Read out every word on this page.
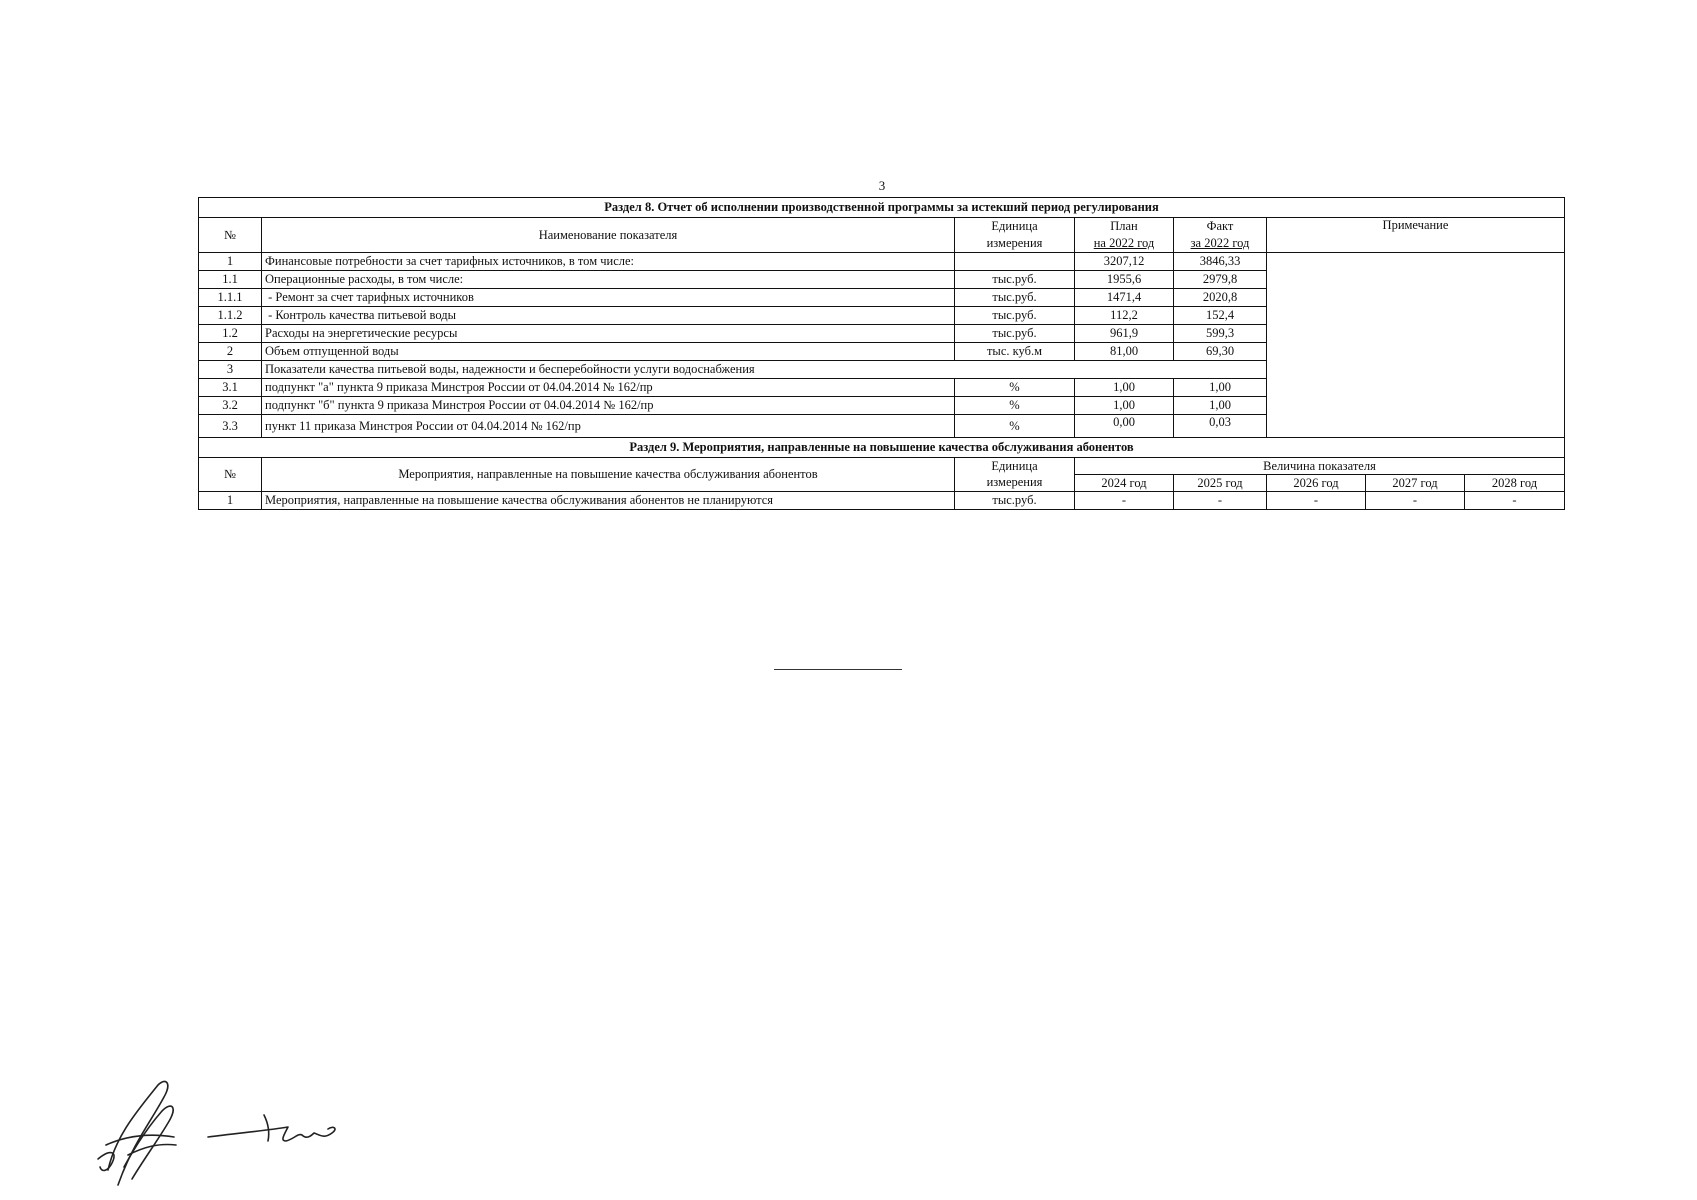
3
Раздел 8. Отчет об исполнении производственной программы за истекший период регулирования							
№	Наименование показателя	Единица	План	Факт	Примечание		
		измерения	на 2022 год	за 2022 год			
1	Финансовые потребности за счет тарифных источников, в том числе:		3207,12	3846,33			
1.1	Операционные расходы, в том числе:	тыс.руб.	1955,6	2979,8			
1.1.1	- Ремонт за счет тарифных источников	тыс.руб.	1471,4	2020,8			
1.1.2	- Контроль качества питьевой воды	тыс.руб.	112,2	152,4			
1.2	Расходы на энергетические ресурсы	тыс.руб.	961,9	599,3			
2	Объем отпущенной воды	тыс. куб.м	81,00	69,30			
3	Показатели качества питьевой воды, надежности и бесперебойности услуги водоснабжения						
3.1	подпункт "а" пункта 9 приказа Минстроя России от 04.04.2014 № 162/пр	%	1,00	1,00			
3.2	подпункт "б" пункта 9 приказа Минстроя России от 04.04.2014 № 162/пр	%	1,00	1,00			
3.3	пункт 11 приказа Минстроя России от 04.04.2014 № 162/пр	%	0,00	0,03			
Раздел 9. Мероприятия, направленные на повышение качества обслуживания абонентов							
№	Мероприятия, направленные на повышение качества обслуживания абонентов	Единица	Величина показателя				
		измерения	2024 год	2025 год	2026 год	2027 год	2028 год
1	Мероприятия, направленные на повышение качества обслуживания абонентов не планируются	тыс.руб.	-	-	-	-	-
